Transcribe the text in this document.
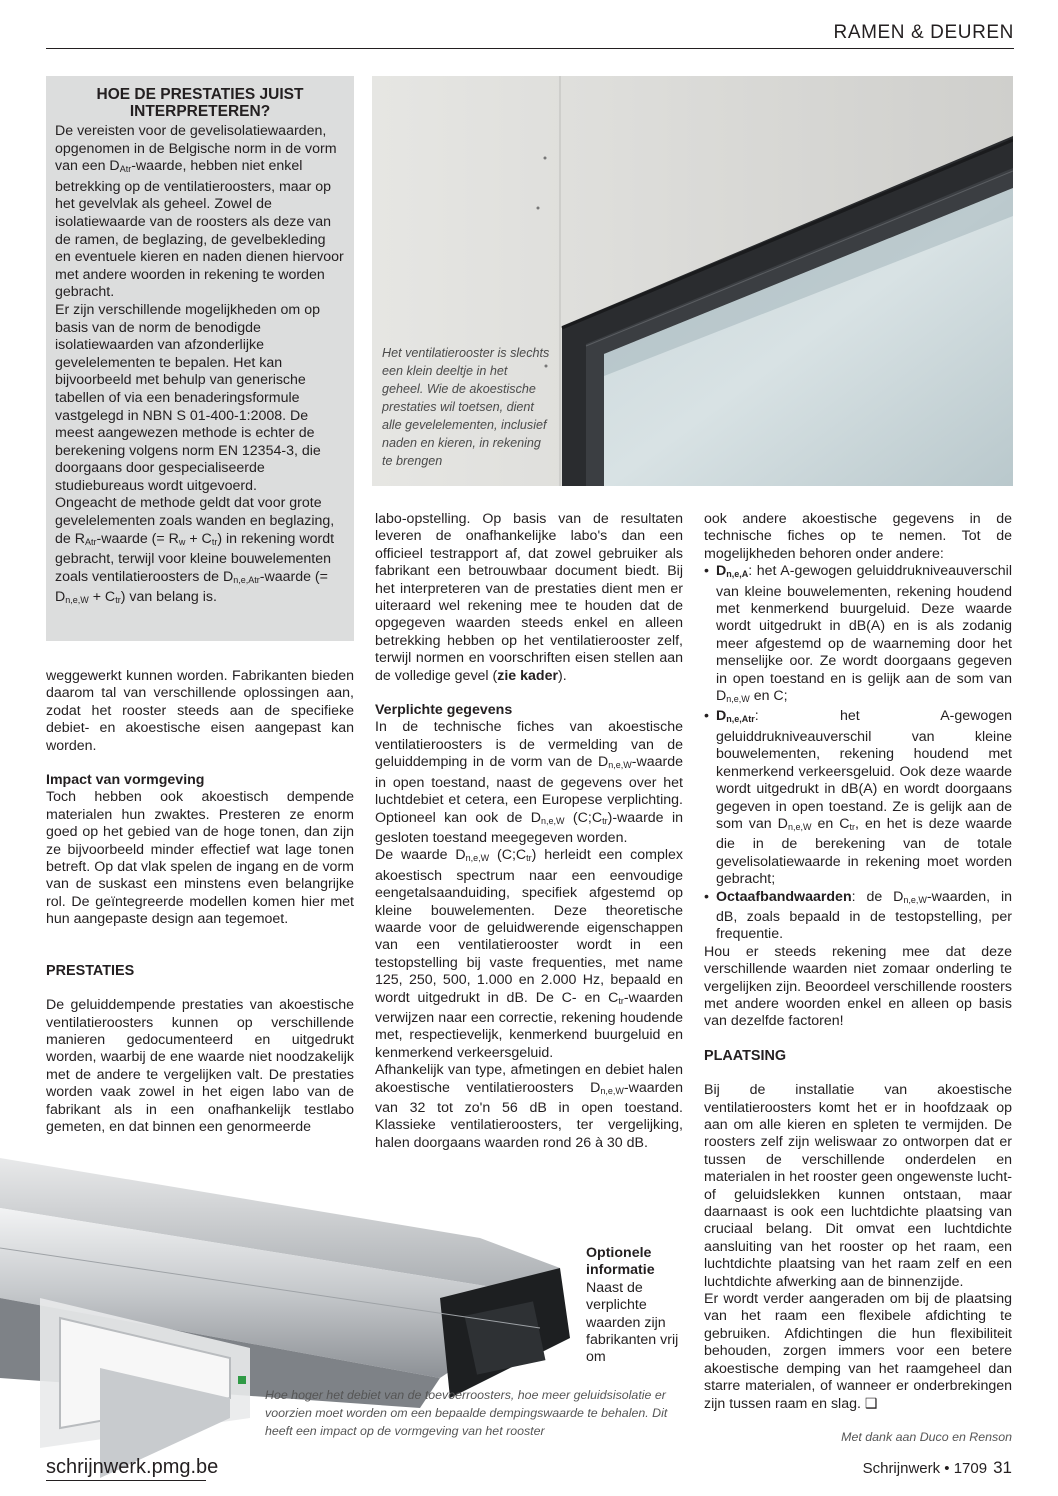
RAMEN & DEUREN
HOE DE PRESTATIES JUIST INTERPRETEREN?

De vereisten voor de gevelisolatiewaarden, opgenomen in de Belgische norm in de vorm van een $D_{Atr}$-waarde, hebben niet enkel betrekking op de ventilatieroosters, maar op het gevelvlak als geheel. Zowel de isolatiewaarde van de roosters als deze van de ramen, de beglazing, de gevelbekleding en eventuele kieren en naden dienen hiervoor met andere woorden in rekening te worden gebracht.

Er zijn verschillende mogelijkheden om op basis van de norm de benodigde isolatiewaarden van afzonderlijke gevelelementen te bepalen. Het kan bijvoorbeeld met behulp van generische tabellen of via een benaderingsformule vastgelegd in NBN S 01-400-1:2008. De meest aangewezen methode is echter de berekening volgens norm EN 12354-3, die doorgaans door gespecialiseerde studiebureaus wordt uitgevoerd.

Ongeacht de methode geldt dat voor grote gevelelementen zoals wanden en beglazing, de $R_{Atr}$-waarde (= $R_w + C_{tr}$) in rekening wordt gebracht, terwijl voor kleine bouwelementen zoals ventilatieroosters de $D_{n,e,Atr}$-waarde (= $D_{n,e,W} + C_{tr}$) van belang is.

Het ventilatierooster is slechts een klein deeltje in het geheel. Wie de akoestische prestaties wil toetsen, dient alle gevelelementen, inclusief naden en kieren, in rekening te brengen

weggewerkt kunnen worden. Fabrikanten bieden daarom tal van verschillende oplossingen aan, zodat het rooster steeds aan de specifieke debiet- en akoestische eisen aangepast kan worden.

Impact van vormgeving

Toch hebben ook akoestisch dempende materialen hun zwaktes. Presteren ze enorm goed op het gebied van de hoge tonen, dan zijn ze bijvoorbeeld minder effectief wat lage tonen betreft. Op dat vlak spelen de ingang en de vorm van de suskast een minstens even belangrijke rol. De geïntegreerde modellen komen hier met hun aangepaste design aan tegemoet.

PRESTATIES

De geluiddempende prestaties van akoestische ventilatieroosters kunnen op verschillende manieren gedocumenteerd en uitgedrukt worden, waarbij de ene waarde niet noodzakelijk met de andere te vergelijken valt. De prestaties worden vaak zowel in het eigen labo van de fabrikant als in een onafhankelijk testlabo gemeten, en dat binnen een genormeerde

labo-opstelling. Op basis van de resultaten leveren de onafhankelijke labo's dan een officieel testrapport af, dat zowel gebruiker als fabrikant een betrouwbaar document biedt. Bij het interpreteren van de prestaties dient men er uiteraard wel rekening mee te houden dat de opgegeven waarden steeds enkel en alleen betrekking hebben op het ventilatierooster zelf, terwijl normen en voorschriften eisen stellen aan de volledige gevel (zie kader).

Verplichte gegevens

In de technische fiches van akoestische ventilatieroosters is de vermelding van de geluiddemping in de vorm van de $D_{n,e,W}$-waarde in open toestand, naast de gegevens over het luchtdebiet et cetera, een Europese verplichting. Optioneel kan ook de $D_{n,e,W}$ $(C;C_{tr})$-waarde in gesloten toestand meegegeven worden.

De waarde $D_{n,e,W}$ $(C;C_{tr})$ herleidt een complex akoestisch spectrum naar een eenvoudige eengetalsaanduiding, specifiek afgestemd op kleine bouwelementen. Deze theoretische waarde voor de geluidwerende eigenschappen van een ventilatierooster wordt in een testopstelling bij vaste frequenties, met name 125, 250, 500, 1.000 en 2.000 Hz, bepaald en wordt uitgedrukt in dB. De C- en $C_{tr}$-waarden verwijzen naar een correctie, rekening houdende met, respectievelijk, kenmerkend buurgeluid en kenmerkend verkeersgeluid.

Afhankelijk van type, afmetingen en debiet halen akoestische ventilatieroosters $D_{n,e,W}$-waarden van 32 tot zo'n 56 dB in open toestand. Klassieke ventilatieroosters, ter vergelijking, halen doorgaans waarden rond 26 à 30 dB.

ook andere akoestische gegevens in de technische fiches op te nemen. Tot de mogelijkheden behoren onder andere:

• $D_{n,e,A}$: het A-gewogen geluiddrukniveauverschil van kleine bouwelementen, rekening houdend met kenmerkend buurgeluid. Deze waarde wordt uitgedrukt in dB(A) en is als zodanig meer afgestemd op de waarneming door het menselijke oor. Ze wordt doorgaans gegeven in open toestand en is gelijk aan de som van $D_{n,e,W}$ en C;
• $D_{n,e,Atr}$: het A-gewogen geluiddrukniveauverschil van kleine bouwelementen, rekening houdend met kenmerkend verkeersgeluid. Ook deze waarde wordt uitgedrukt in dB(A) en wordt doorgaans gegeven in open toestand. Ze is gelijk aan de som van $D_{n,e,W}$ en $C_{tr}$, en het is deze waarde die in de berekening van de totale gevelisolatiewaarde in rekening moet worden gebracht;
• Octaafbandwaarden: de $D_{n,e,W}$-waarden, in dB, zoals bepaald in de testopstelling, per frequentie.

Hou er steeds rekening mee dat deze verschillende waarden niet zomaar onderling te vergelijken zijn. Beoordeel verschillende roosters met andere woorden enkel en alleen op basis van dezelfde factoren!

PLAATSING

Bij de installatie van akoestische ventilatieroosters komt het er in hoofdzaak op aan om alle kieren en spleten te vermijden. De roosters zelf zijn weliswaar zo ontworpen dat er tussen de verschillende onderdelen en materialen in het rooster geen ongewenste lucht- of geluidslekken kunnen ontstaan, maar daarnaast is ook een luchtdichte plaatsing van cruciaal belang. Dit omvat een luchtdichte aansluiting van het rooster op het raam, een luchtdichte plaatsing van het raam zelf en een luchtdichte afwerking aan de binnenzijde.

Er wordt verder aangeraden om bij de plaatsing van het raam een flexibele afdichting te gebruiken. Afdichtingen die hun flexibiliteit behouden, zorgen immers voor een betere akoestische demping van het raamgeheel dan starre materialen, of wanneer er onderbrekingen zijn tussen raam en slag. ❑

Optionele informatie

Naast de verplichte waarden zijn fabrikanten vrij om

Hoe hoger het debiet van de toevoerroosters, hoe meer geluidsisolatie er voorzien moet worden om een bepaalde dempingswaarde te behalen. Dit heeft een impact op de vormgeving van het rooster	Met dank aan Duco en Renson
schrijnwerk.pmg.be	Schrijnwerk • 1709 31
